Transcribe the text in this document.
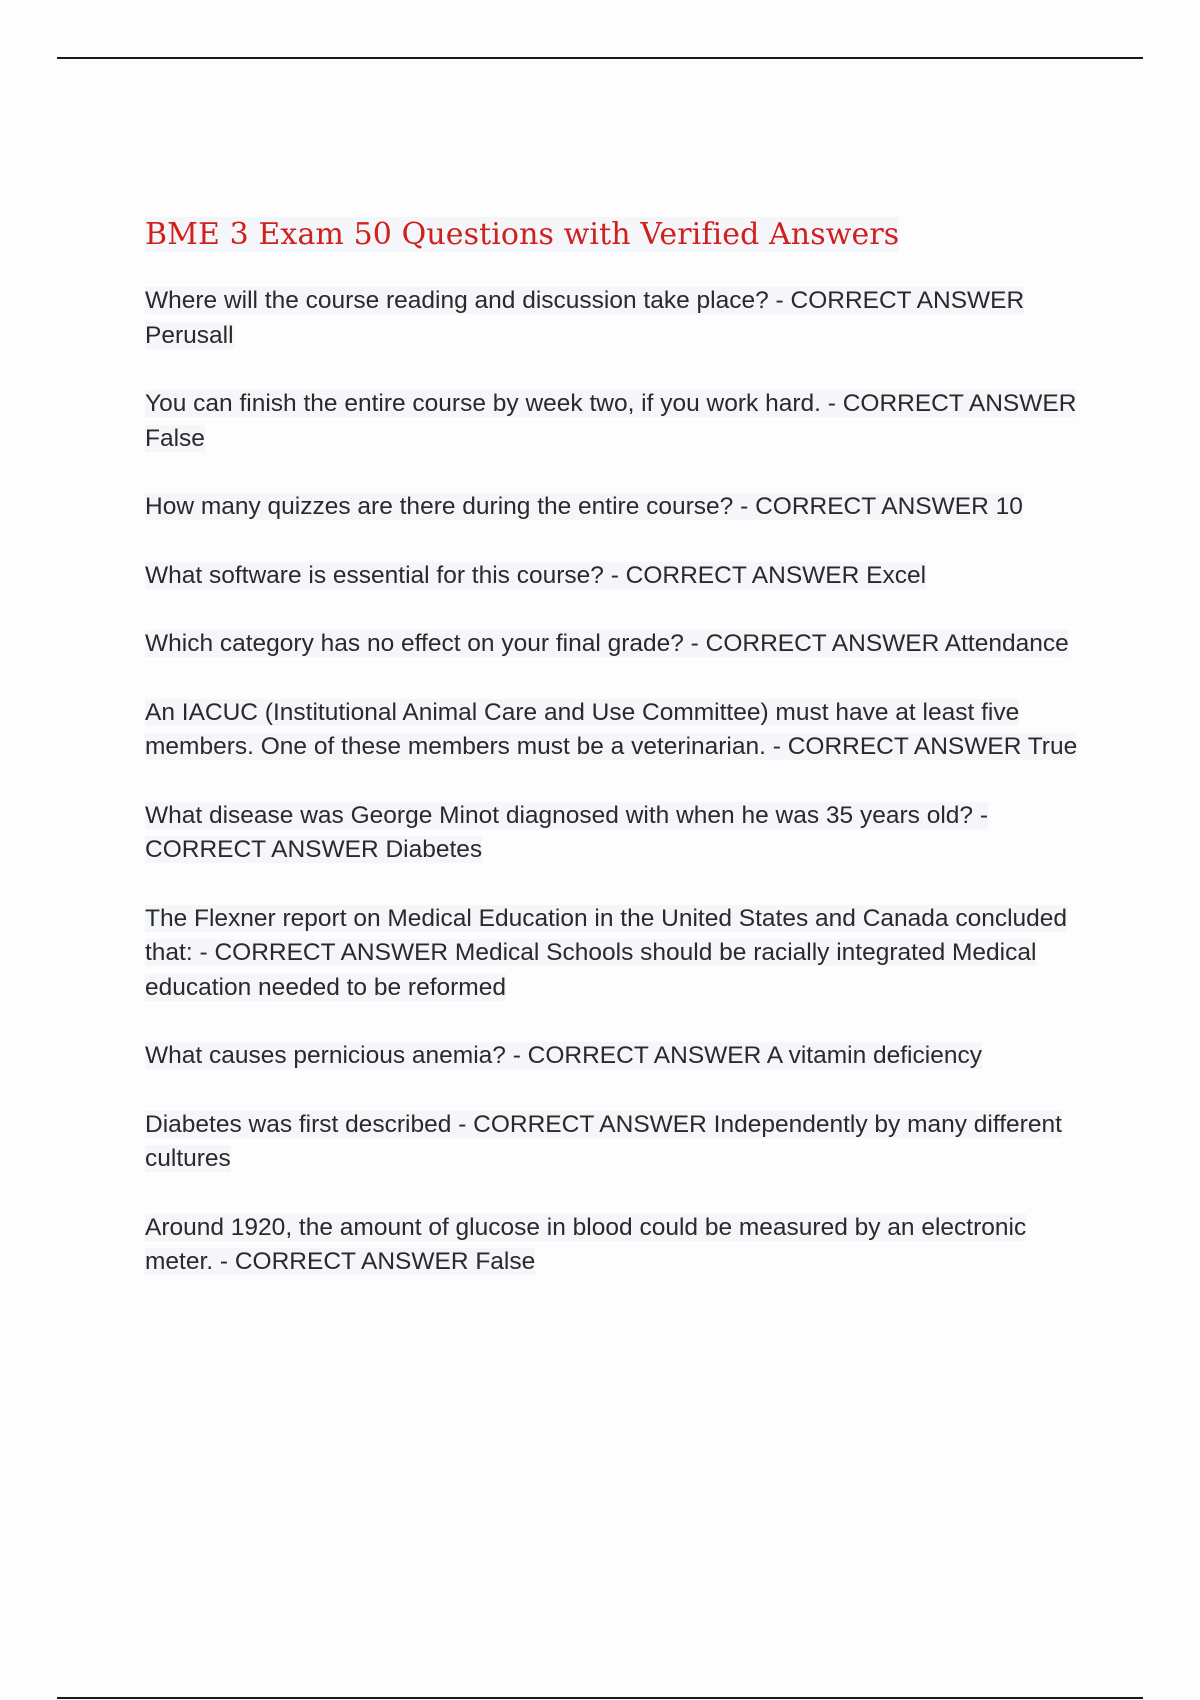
BME 3 Exam 50 Questions with Verified Answers
Where will the course reading and discussion take place? - CORRECT ANSWER Perusall
You can finish the entire course by week two, if you work hard. - CORRECT ANSWER False
How many quizzes are there during the entire course? - CORRECT ANSWER 10
What software is essential for this course? - CORRECT ANSWER Excel
Which category has no effect on your final grade? - CORRECT ANSWER Attendance
An IACUC (Institutional Animal Care and Use Committee) must have at least five members. One of these members must be a veterinarian. - CORRECT ANSWER True
What disease was George Minot diagnosed with when he was 35 years old? - CORRECT ANSWER Diabetes
The Flexner report on Medical Education in the United States and Canada concluded that: - CORRECT ANSWER Medical Schools should be racially integrated Medical education needed to be reformed
What causes pernicious anemia? - CORRECT ANSWER A vitamin deficiency
Diabetes was first described - CORRECT ANSWER Independently by many different cultures
Around 1920, the amount of glucose in blood could be measured by an electronic meter. - CORRECT ANSWER False
